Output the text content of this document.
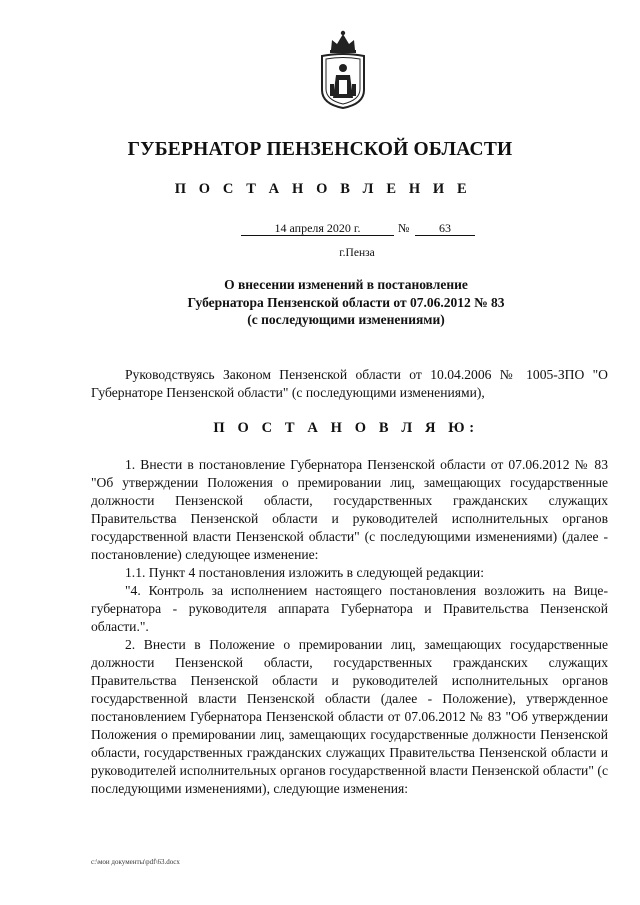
ГУБЕРНАТОР ПЕНЗЕНСКОЙ ОБЛАСТИ
П О С Т А Н О В Л Е Н И Е
14 апреля 2020 г.	№	63
г.Пенза
О внесении изменений в постановление
Губернатора Пензенской области от 07.06.2012 № 83
(с последующими изменениями)

Руководствуясь Законом Пензенской области от 10.04.2006 № 1005-ЗПО "О Губернаторе Пензенской области" (с последующими изменениями),

П О С Т А Н О В Л Я Ю:

1. Внести в постановление Губернатора Пензенской области от 07.06.2012 № 83 "Об утверждении Положения о премировании лиц, замещающих государственные должности Пензенской области, государственных гражданских служащих Правительства Пензенской области и руководителей исполнительных органов государственной власти Пензенской области" (с последующими изменениями) (далее - постановление) следующее изменение:

1.1. Пункт 4 постановления изложить в следующей редакции:

"4. Контроль за исполнением настоящего постановления возложить на Вице-губернатора - руководителя аппарата Губернатора и Правительства Пензенской области.".

2. Внести в Положение о премировании лиц, замещающих государственные должности Пензенской области, государственных гражданских служащих Правительства Пензенской области и руководителей исполнительных органов государственной власти Пензенской области (далее - Положение), утвержденное постановлением Губернатора Пензенской области от 07.06.2012 № 83 "Об утверждении Положения о премировании лиц, замещающих государственные должности Пензенской области, государственных гражданских служащих Правительства Пензенской области и руководителей исполнительных органов государственной власти Пензенской области" (с последующими изменениями), следующие изменения:

c:\мои документы\pdf\63.docx
